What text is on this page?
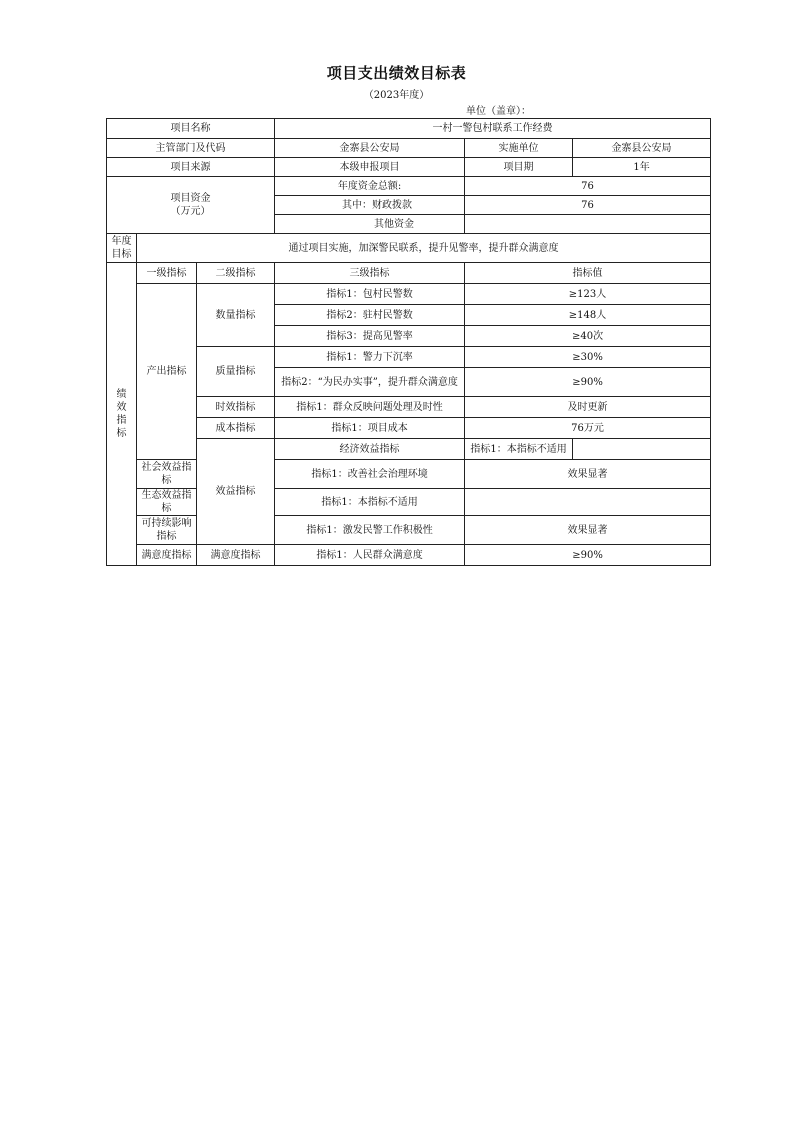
项目支出绩效目标表
（2023年度）
单位（盖章）：
项目名称			一村一警包村联系工作经费		
主管部门及代码			金寨县公安局	实施单位	金寨县公安局
项目来源			本级申报项目	项目期	1年

项目资金
（万元）			年度资金总额:	76	
			其中：财政拨款	76	
			其他资金		

年度
目标	通过项目实施，加深警民联系，提升见警率，提升群众满意度				

绩
效
指
标	一级指标	二级指标	三级指标	指标值	
	产出指标	数量指标	指标1：包村民警数	≥123人	
			指标2：驻村民警数	≥148人	
			指标3：提高见警率	≥40次	
		质量指标	指标1：警力下沉率	≥30%	
			指标2：“为民办实事”，提升群众满意度	≥90%	
		时效指标	指标1：群众反映问题处理及时性	及时更新	
		成本指标	指标1：项目成本	76万元	
		效益指标	经济效益指标	指标1：本指标不适用	
	社会效益指标		指标1：改善社会治理环境	效果显著	
	生态效益指标		指标1：本指标不适用		
	可持续影响指标		指标1：激发民警工作积极性	效果显著	
	满意度指标	满意度指标	指标1：人民群众满意度	≥90%	
